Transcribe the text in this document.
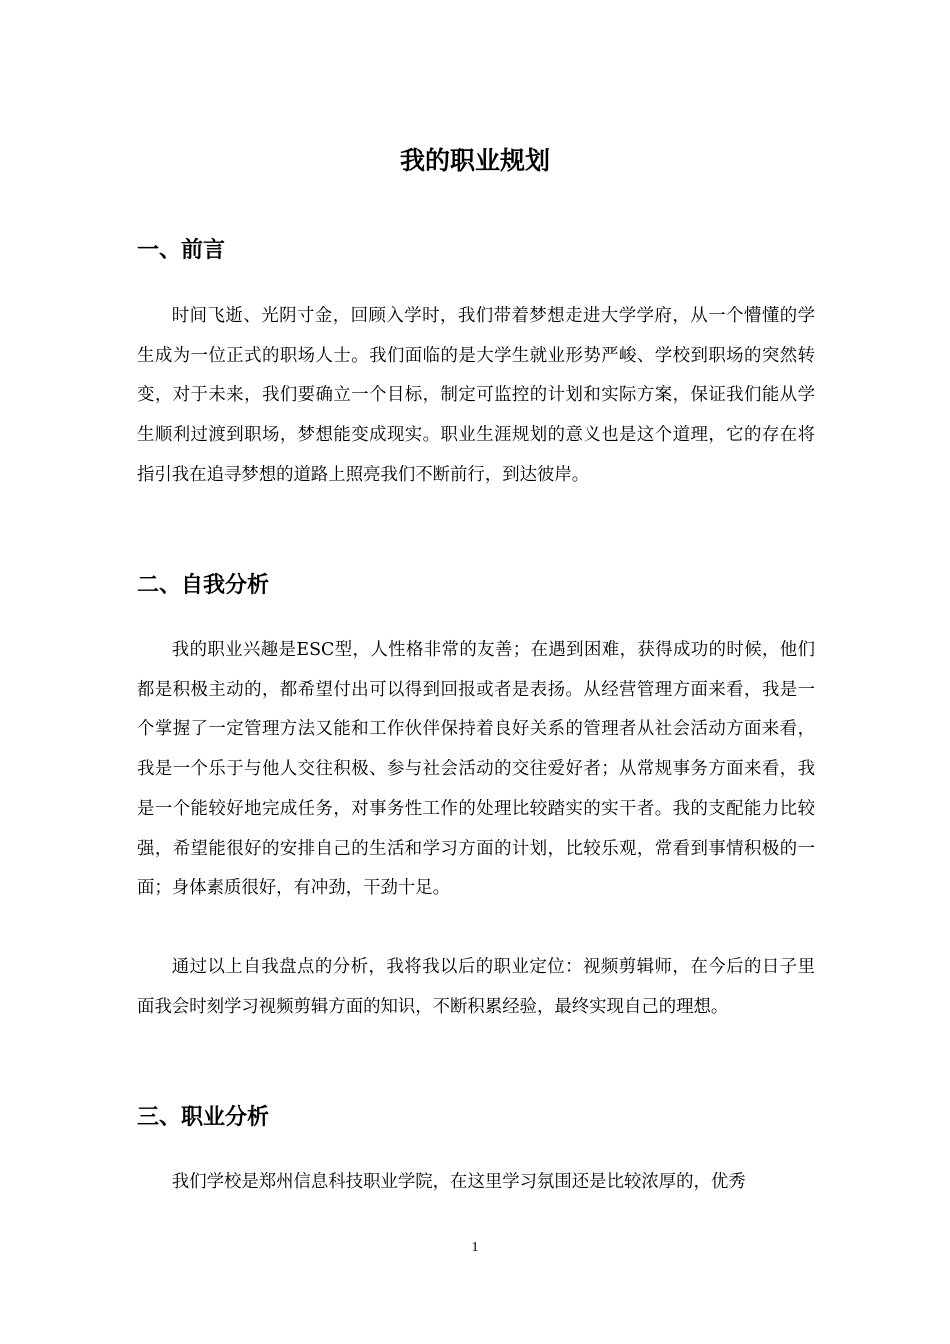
我的职业规划
一、前言

时间飞逝、光阴寸金，回顾入学时，我们带着梦想走进大学学府，从一个懵懂的学生成为一位正式的职场人士。我们面临的是大学生就业形势严峻、学校到职场的突然转变，对于未来，我们要确立一个目标，制定可监控的计划和实际方案，保证我们能从学生顺利过渡到职场，梦想能变成现实。职业生涯规划的意义也是这个道理，它的存在将指引我在追寻梦想的道路上照亮我们不断前行，到达彼岸。

二、自我分析

我的职业兴趣是ESC型，人性格非常的友善；在遇到困难，获得成功的时候，他们都是积极主动的，都希望付出可以得到回报或者是表扬。从经营管理方面来看，我是一个掌握了一定管理方法又能和工作伙伴保持着良好关系的管理者从社会活动方面来看，我是一个乐于与他人交往积极、参与社会活动的交往爱好者；从常规事务方面来看，我是一个能较好地完成任务，对事务性工作的处理比较踏实的实干者。我的支配能力比较强，希望能很好的安排自己的生活和学习方面的计划，比较乐观，常看到事情积极的一面；身体素质很好，有冲劲，干劲十足。

通过以上自我盘点的分析，我将我以后的职业定位：视频剪辑师，在今后的日子里面我会时刻学习视频剪辑方面的知识，不断积累经验，最终实现自己的理想。

三、职业分析

我们学校是郑州信息科技职业学院，在这里学习氛围还是比较浓厚的，优秀

1
